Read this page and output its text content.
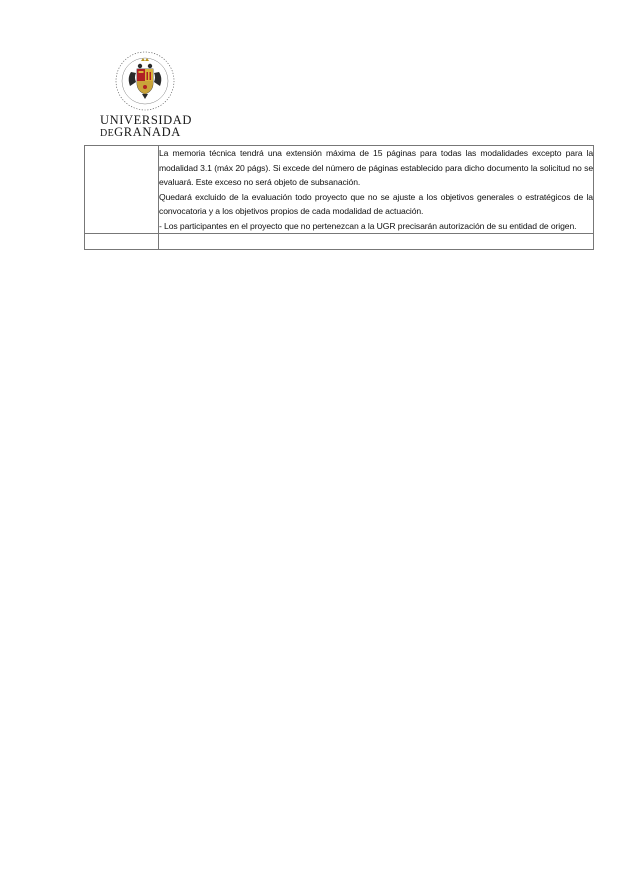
UNIVERSIDAD
DEGRANADA

	La memoria técnica tendrá una extensión máxima de 15 páginas para todas las modalidades excepto para la modalidad 3.1 (máx 20 págs). Si excede del número de páginas establecido para dicho documento la solicitud no se evaluará. Este exceso no será objeto de subsanación.

Quedará excluido de la evaluación todo proyecto que no se ajuste a los objetivos generales o estratégicos de la convocatoria y a los objetivos propios de cada modalidad de actuación.

- Los participantes en el proyecto que no pertenezcan a la UGR precisarán autorización de su entidad de origen.
